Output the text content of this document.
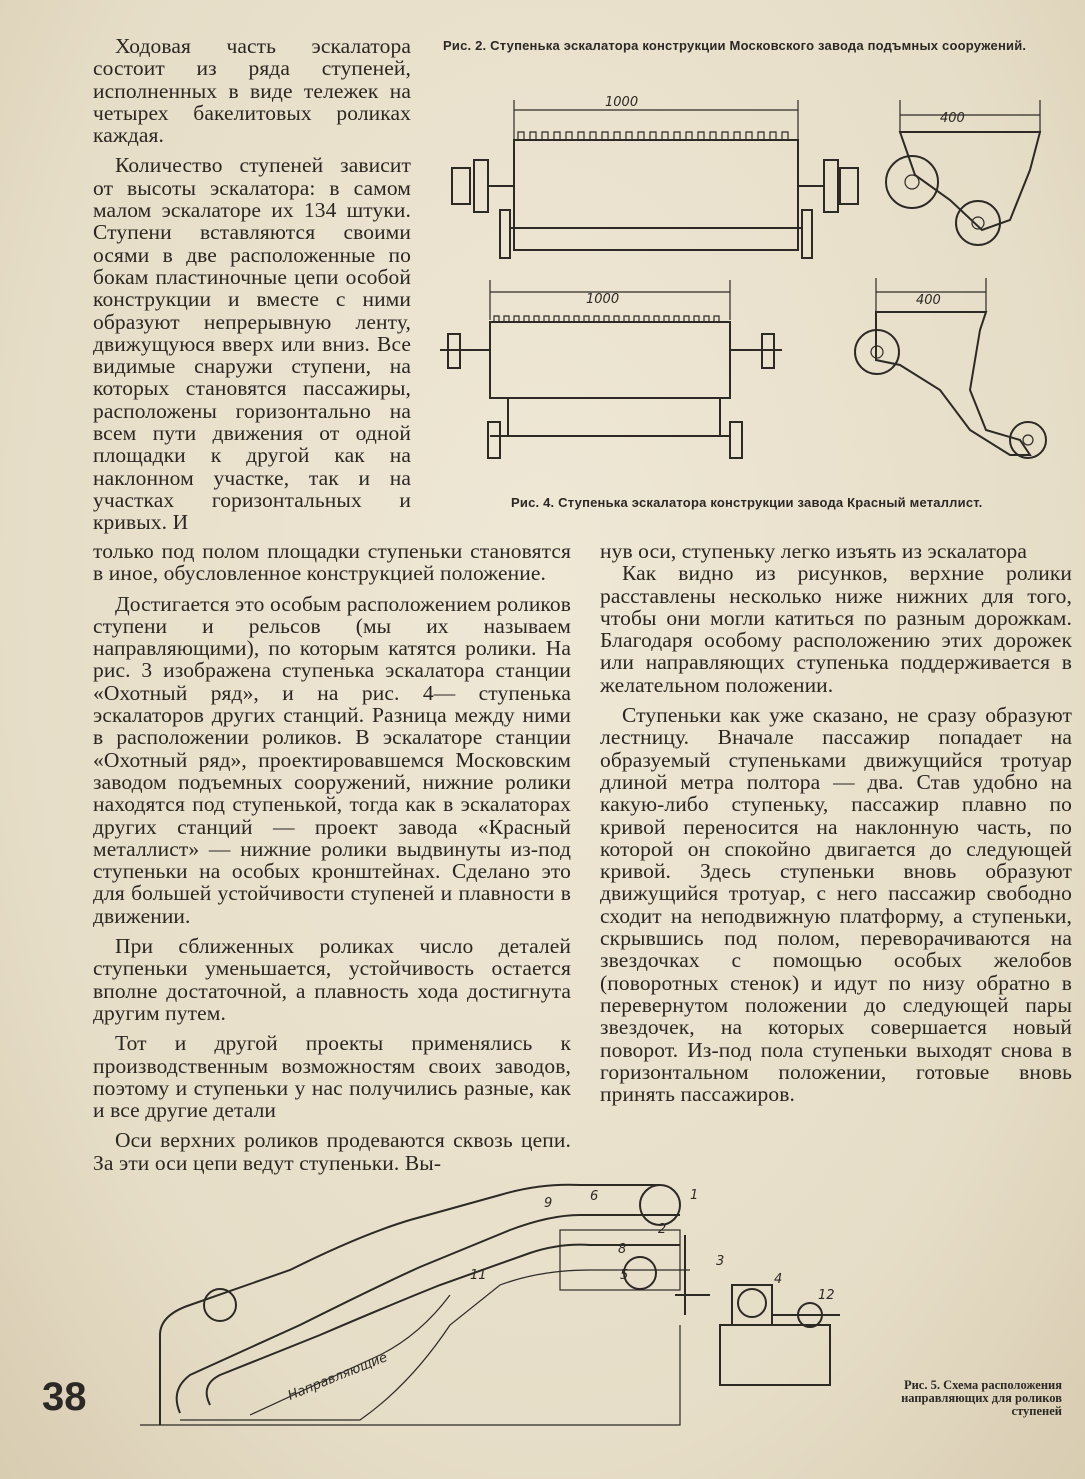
Рис. 2. Ступенька эскалатора конструкции Московского завода подъмных сооружений.

Ходовая часть эскалатора состоит из ряда ступеней, исполненных в виде тележек на четырех бакелитовых роликах каждая.

Количество ступеней зависит от высоты эскалатора: в самом малом эскалаторе их 134 штуки. Ступени вставляются своими осями в две расположенные по бокам пластиночные цепи особой конструкции и вместе с ними образуют непрерывную ленту, движущуюся вверх или вниз. Все видимые снаружи ступени, на которых становятся пассажиры, расположены горизонтально на всем пути движения от одной площадки к другой как на наклонном участке, так и на участках горизонтальных и кривых. И

1000
400
1000	400
Рис. 4. Ступенька эскалатора конструкции завода Красный металлист.

только под полом площадки ступеньки становятся в иное, обусловленное конструкцией положение.

Достигается это особым расположением роликов ступени и рельсов (мы их называем направляющими), по которым катятся ролики. На рис. 3 изображена ступенька эскалатора станции «Охотный ряд», и на рис. 4— ступенька эскалаторов других станций. Разница между ними в расположении роликов. В эскалаторе станции «Охотный ряд», проектировавшемся Московским заводом подъемных сооружений, нижние ролики находятся под ступенькой, тогда как в эскалаторах других станций — проект завода «Красный металлист» — нижние ролики выдвинуты из-под ступеньки на особых кронштейнах. Сделано это для большей устойчивости ступеней и плавности в движении.

При сближенных роликах число деталей ступеньки уменьшается, устойчивость остается вполне достаточной, а плавность хода достигнута другим путем.

Тот и другой проекты применялись к производственным возможностям своих заводов, поэтому и ступеньки у нас получились разные, как и все другие детали

Оси верхних роликов продеваются сквозь цепи. За эти оси цепи ведут ступеньки. Вы-

нув оси, ступеньку легко изъять из эскалатора

Как видно из рисунков, верхние ролики расставлены несколько ниже нижних для того, чтобы они могли катиться по разным дорожкам. Благодаря особому расположению этих дорожек или направляющих ступенька поддерживается в желательном положении.

Ступеньки как уже сказано, не сразу образуют лестницу. Вначале пассажир попадает на образуемый ступеньками движущийся тротуар длиной метра полтора — два. Став удобно на какую-либо ступеньку, пассажир плавно по кривой переносится на наклонную часть, по которой он спокойно двигается до следующей кривой. Здесь ступеньки вновь образуют движущийся тротуар, с него пассажир свободно сходит на неподвижную платформу, а ступеньки, скрывшись под полом, переворачиваются на звездочках с помощью особых желобов (поворотных стенок) и идут по низу обратно в перевернутом положении до следующей пары звездочек, на которых совершается новый поворот. Из-под пола ступеньки выходят снова в горизонтальном положении, готовые вновь принять пассажиров.

Направляющие
1
2
3
4
5
6
8
9
11
12
Рис. 5. Схема расположения направляющих для роликов ступеней
38
